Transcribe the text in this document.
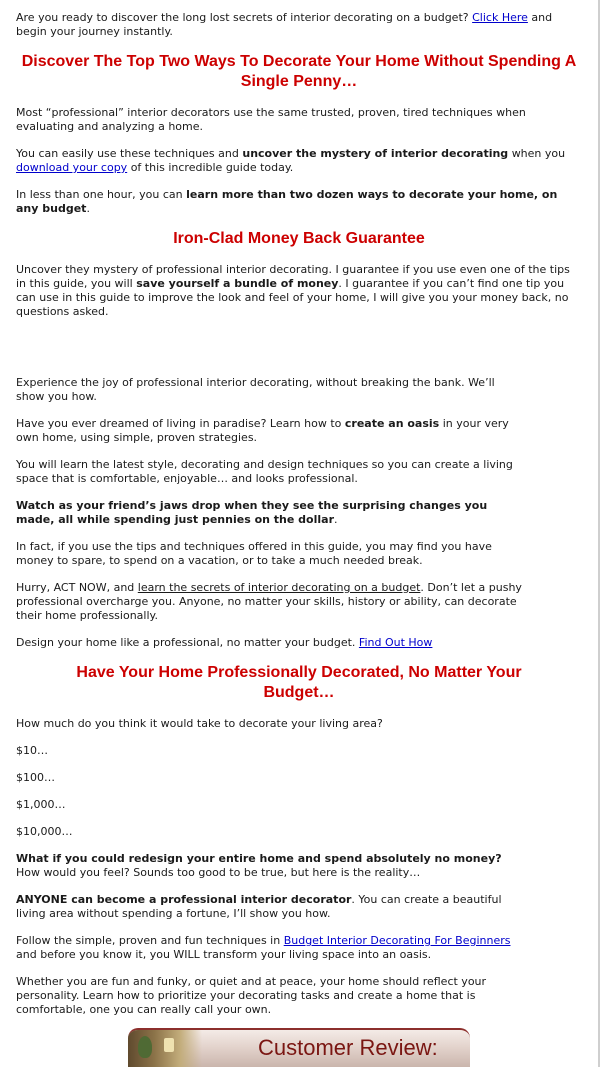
Are you ready to discover the long lost secrets of interior decorating on a budget? Click Here and begin your journey instantly.

Discover The Top Two Ways To Decorate Your Home Without Spending A Single Penny…

Most “professional” interior decorators use the same trusted, proven, tired techniques when evaluating and analyzing a home.

You can easily use these techniques and uncover the mystery of interior decorating when you download your copy of this incredible guide today.

In less than one hour, you can learn more than two dozen ways to decorate your home, on any budget.

Iron-Clad Money Back Guarantee

Uncover they mystery of professional interior decorating. I guarantee if you use even one of the tips in this guide, you will save yourself a bundle of money. I guarantee if you can’t find one tip you can use in this guide to improve the look and feel of your home, I will give you your money back, no questions asked.

Experience the joy of professional interior decorating, without breaking the bank. We’ll show you how.

Have you ever dreamed of living in paradise? Learn how to create an oasis in your very own home, using simple, proven strategies.

You will learn the latest style, decorating and design techniques so you can create a living space that is comfortable, enjoyable… and looks professional.

Watch as your friend’s jaws drop when they see the surprising changes you made, all while spending just pennies on the dollar.

In fact, if you use the tips and techniques offered in this guide, you may find you have money to spare, to spend on a vacation, or to take a much needed break.

Hurry, ACT NOW, and learn the secrets of interior decorating on a budget. Don’t let a pushy professional overcharge you. Anyone, no matter your skills, history or ability, can decorate their home professionally.

Design your home like a professional, no matter your budget. Find Out How

Have Your Home Professionally Decorated, No Matter Your Budget…

How much do you think it would take to decorate your living area?

$10…

$100…

$1,000…

$10,000…

What if you could redesign your entire home and spend absolutely no money? How would you feel? Sounds too good to be true, but here is the reality…

ANYONE can become a professional interior decorator. You can create a beautiful living area without spending a fortune, I’ll show you how.

Follow the simple, proven and fun techniques in Budget Interior Decorating For Beginners and before you know it, you WILL transform your living space into an oasis.

Whether you are fun and funky, or quiet and at peace, your home should reflect your personality. Learn how to prioritize your decorating tasks and create a home that is comfortable, one you can really call your own.

Customer Review:
